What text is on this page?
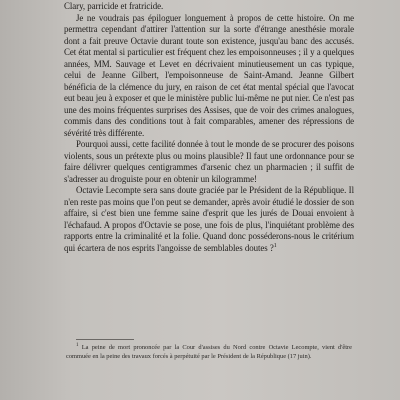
Clary, parricide et fratricide.

Je ne voudrais pas épiloguer longuement à propos de cette histoire. On me permettra cependant d'attirer l'attention sur la sorte d'étrange anesthésie morale dont a fait preuve Octavie durant toute son existence, jusqu'au banc des accusés. Cet état mental si particulier est fréquent chez les empoisonneuses ; il y a quelques années, MM. Sauvage et Levet en décrivaient minutieusement un cas typique, celui de Jeanne Gilbert, l'empoisonneuse de Saint-Amand. Jeanne Gilbert bénéficia de la clémence du jury, en raison de cet état mental spécial que l'avocat eut beau jeu à exposer et que le ministère public lui-même ne put nier. Ce n'est pas une des moins fréquentes surprises des Assises, que de voir des crimes analogues, commis dans des conditions tout à fait comparables, amener des répressions de sévérité très différente.

Pourquoi aussi, cette facilité donnée à tout le monde de se procurer des poisons violents, sous un prétexte plus ou moins plausible? Il faut une ordonnance pour se faire délivrer quelques centigrammes d'arsenic chez un pharmacien ; il suffit de s'adresser au droguiste pour en obtenir un kilogramme!

Octavie Lecompte sera sans doute graciée par le Président de la République. Il n'en reste pas moins que l'on peut se demander, après avoir étudié le dossier de son affaire, si c'est bien une femme saine d'esprit que les jurés de Douai envoient à l'échafaud. A propos d'Octavie se pose, une fois de plus, l'inquiétant problème des rapports entre la criminalité et la folie. Quand donc posséderons-nous le critérium qui écartera de nos esprits l'angoisse de semblables doutes ?$^1$

$^1$ La peine de mort prononcée par la Cour d'assises du Nord contre Octavie Lecompte, vient d'être commuée en la peine des travaux forcés à perpétuité par le Président de la République (17 juin).
